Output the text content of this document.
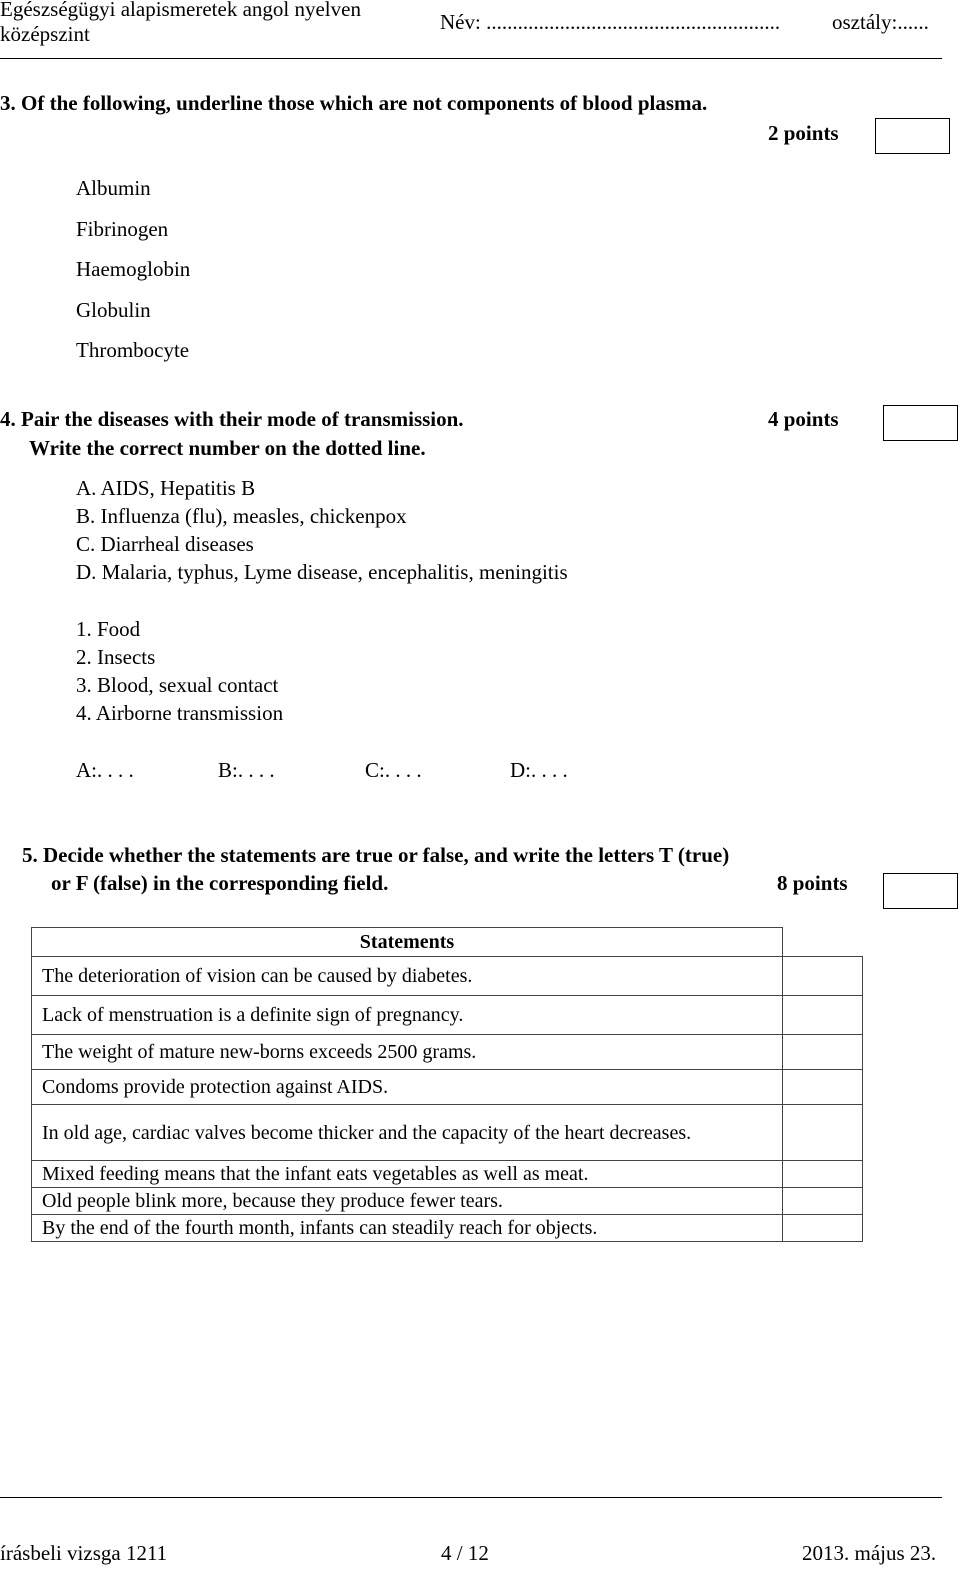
Egészségügyi alapismeretek angol nyelven
középszint	Név: ........................................................ osztály:......
3. Of the following, underline those which are not components of blood plasma.
2 points
Albumin
Fibrinogen
Haemoglobin
Globulin
Thrombocyte
4. Pair the diseases with their mode of transmission.
Write the correct number on the dotted line.
4 points
A. AIDS, Hepatitis B
B. Influenza (flu), measles, chickenpox
C. Diarrheal diseases
D. Malaria, typhus, Lyme disease, encephalitis, meningitis
1. Food
2. Insects
3. Blood, sexual contact
4. Airborne transmission
A:. . . .	B:. . . .	C:. . . .	D:. . . .
5. Decide whether the statements are true or false, and write the letters T (true)
or F (false) in the corresponding field.	8 points
Statements	
The deterioration of vision can be caused by diabetes.	
Lack of menstruation is a definite sign of pregnancy.	
The weight of mature new-borns exceeds 2500 grams.	
Condoms provide protection against AIDS.	
In old age, cardiac valves become thicker and the capacity of the heart decreases.	
Mixed feeding means that the infant eats vegetables as well as meat.	
Old people blink more, because they produce fewer tears.	
By the end of the fourth month, infants can steadily reach for objects.	
írásbeli vizsga 1211	4 / 12	2013. május 23.
